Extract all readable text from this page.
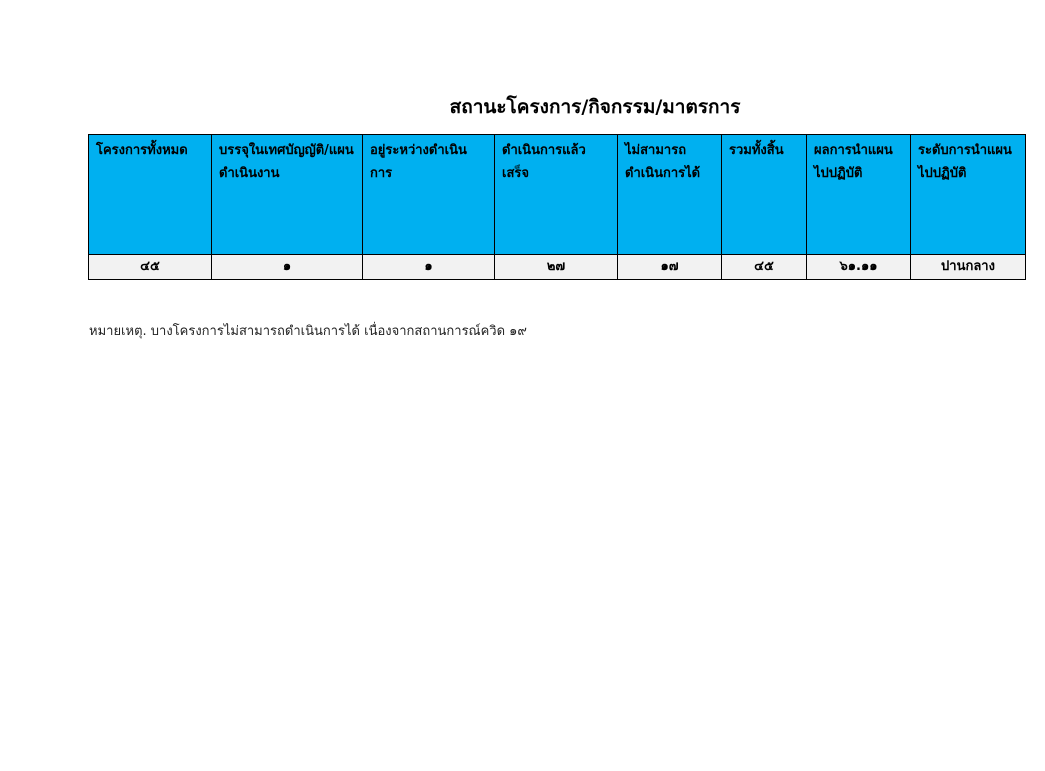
สถานะโครงการ/กิจกรรม/มาตรการ
โครงการทั้งหมด	บรรจุในเทศบัญญัติ/แผนดำเนินงาน	อยู่ระหว่างดำเนินการ	ดำเนินการแล้วเสร็จ	ไม่สามารถดำเนินการได้	รวมทั้งสิ้น	ผลการนำแผนไปปฏิบัติ	ระดับการนำแผนไปปฏิบัติ
๔๕	๑	๑	๒๗	๑๗	๔๕	๖๑.๑๑	ปานกลาง
หมายเหตุ. บางโครงการไม่สามารถดำเนินการได้ เนื่องจากสถานการณ์ควิด ๑๙
